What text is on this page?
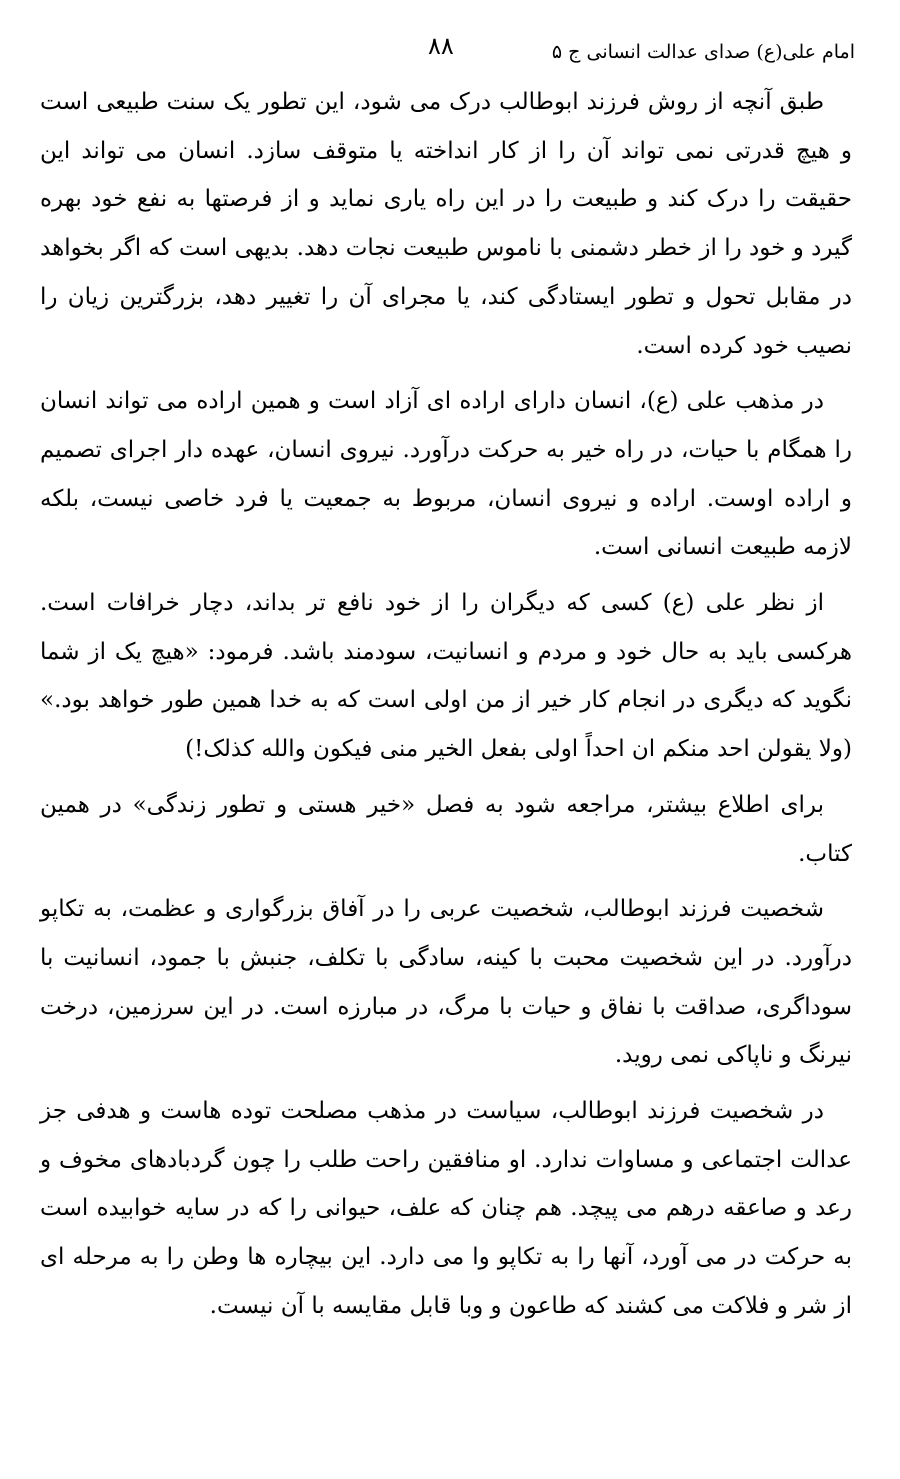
امام علی(ع) صدای عدالت انسانی ج ۵
۸۸

طبق آنچه از روش فرزند ابوطالب درک می شود، این تطور یک سنت طبیعی است و هیچ قدرتی نمی تواند آن را از کار انداخته یا متوقف سازد. انسان می تواند این حقیقت را درک کند و طبیعت را در این راه یاری نماید و از فرصتها به نفع خود بهره گیرد و خود را از خطر دشمنی با ناموس طبیعت نجات دهد. بدیهی است که اگر بخواهد در مقابل تحول و تطور ایستادگی کند، یا مجرای آن را تغییر دهد، بزرگترین زیان را نصیب خود کرده است.

در مذهب علی (ع)، انسان دارای اراده ای آزاد است و همین اراده می تواند انسان را همگام با حیات، در راه خیر به حرکت درآورد. نیروی انسان، عهده دار اجرای تصمیم و اراده اوست. اراده و نیروی انسان، مربوط به جمعیت یا فرد خاصی نیست، بلکه لازمه طبیعت انسانی است.

از نظر علی (ع) کسی که دیگران را از خود نافع تر بداند، دچار خرافات است. هرکسی باید به حال خود و مردم و انسانیت، سودمند باشد. فرمود: «هیچ یک از شما نگوید که دیگری در انجام کار خیر از من اولی است که به خدا همین طور خواهد بود.» (ولا یقولن احد منکم ان احداً اولی بفعل الخیر منی فیکون والله کذلک!)

برای اطلاع بیشتر، مراجعه شود به فصل «خیر هستی و تطور زندگی» در همین کتاب.

شخصیت فرزند ابوطالب، شخصیت عربی را در آفاق بزرگواری و عظمت، به تکاپو درآورد. در این شخصیت محبت با کینه، سادگی با تکلف، جنبش با جمود، انسانیت با سوداگری، صداقت با نفاق و حیات با مرگ، در مبارزه است. در این سرزمین، درخت نیرنگ و ناپاکی نمی روید.

در شخصیت فرزند ابوطالب، سیاست در مذهب مصلحت توده هاست و هدفی جز عدالت اجتماعی و مساوات ندارد. او منافقین راحت طلب را چون گردبادهای مخوف و رعد و صاعقه درهم می پیچد. هم چنان که علف، حیوانی را که در سایه خوابیده است به حرکت در می آورد، آنها را به تکاپو وا می دارد. این بیچاره ها وطن را به مرحله ای از شر و فلاکت می کشند که طاعون و وبا قابل مقایسه با آن نیست.
